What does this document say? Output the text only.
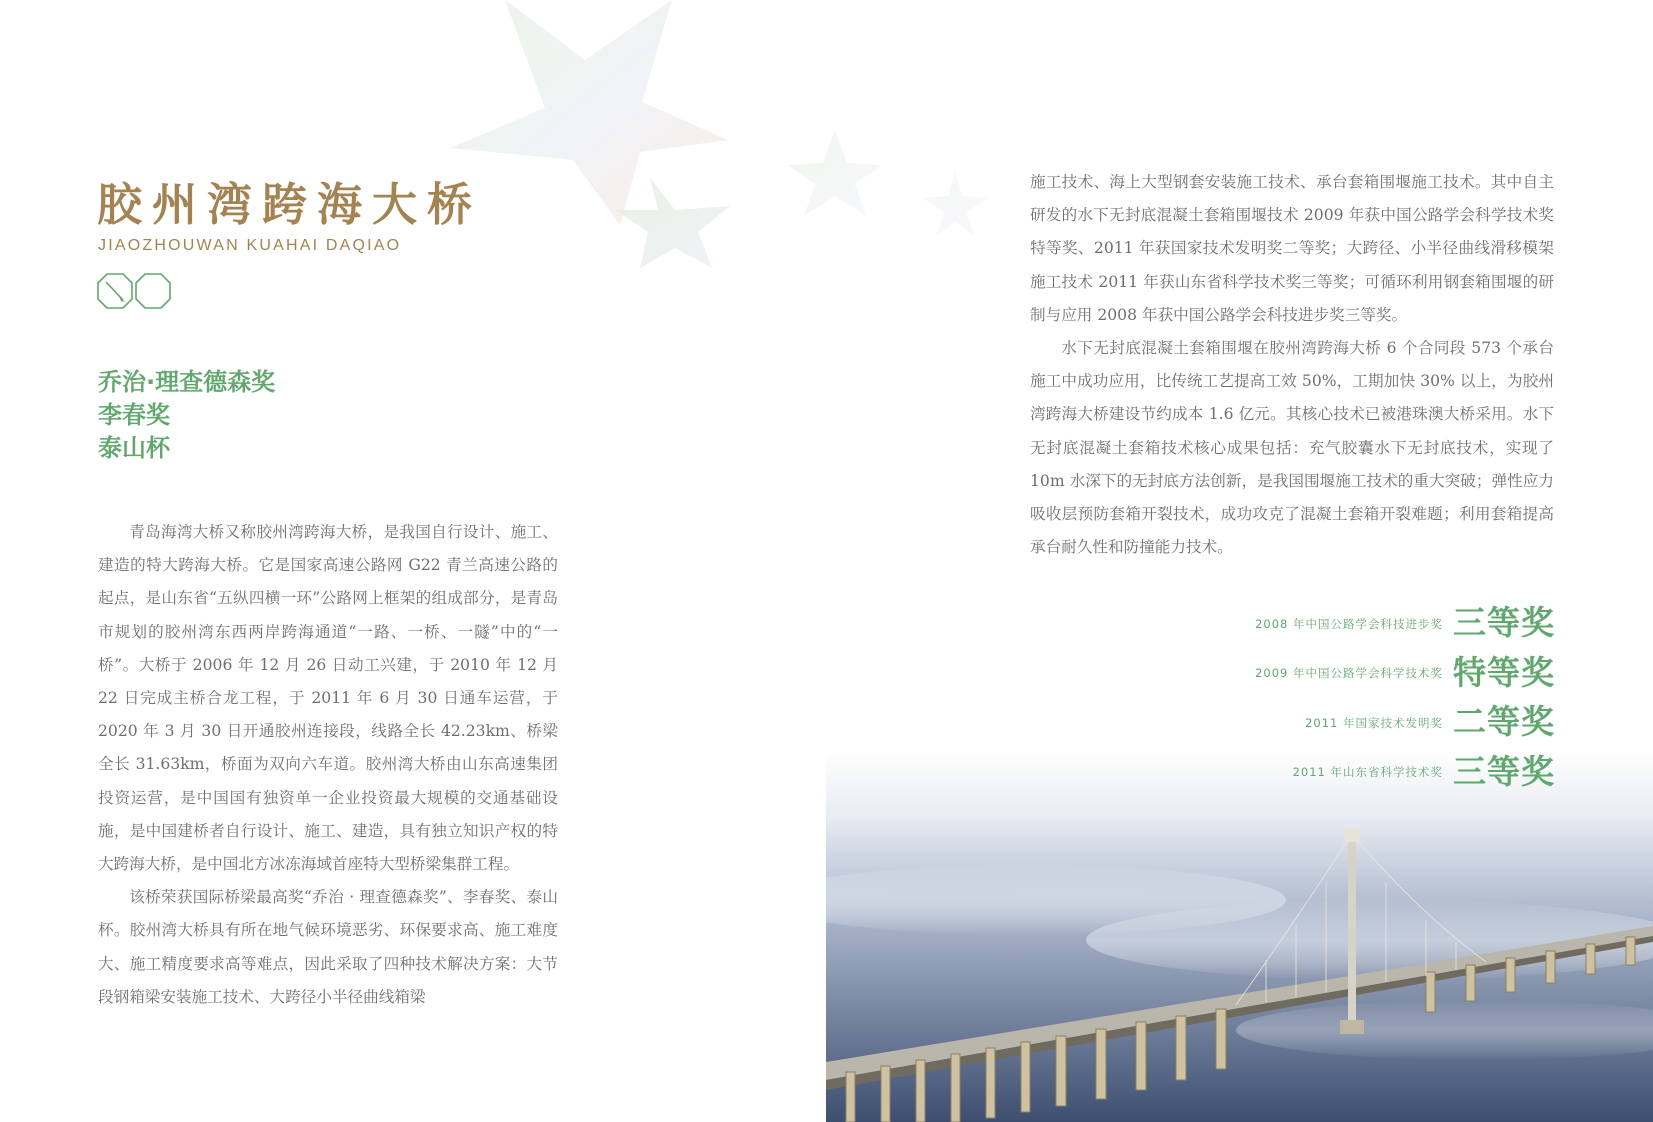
胶州湾跨海大桥
JIAOZHOUWAN KUAHAI DAQIAO
乔治·理查德森奖
李春奖
泰山杯

青岛海湾大桥又称胶州湾跨海大桥，是我国自行设计、施工、建造的特大跨海大桥。它是国家高速公路网 G22 青兰高速公路的起点，是山东省“五纵四横一环”公路网上框架的组成部分，是青岛市规划的胶州湾东西两岸跨海通道“一路、一桥、一隧”中的“一桥”。大桥于 2006 年 12 月 26 日动工兴建，于 2010 年 12 月 22 日完成主桥合龙工程，于 2011 年 6 月 30 日通车运营，于 2020 年 3 月 30 日开通胶州连接段，线路全长 42.23km、桥梁全长 31.63km，桥面为双向六车道。胶州湾大桥由山东高速集团投资运营，是中国国有独资单一企业投资最大规模的交通基础设施，是中国建桥者自行设计、施工、建造，具有独立知识产权的特大跨海大桥，是中国北方冰冻海域首座特大型桥梁集群工程。

该桥荣获国际桥梁最高奖“乔治 · 理查德森奖”、李春奖、泰山杯。胶州湾大桥具有所在地气候环境恶劣、环保要求高、施工难度大、施工精度要求高等难点，因此采取了四种技术解决方案：大节段钢箱梁安装施工技术、大跨径小半径曲线箱梁

施工技术、海上大型钢套安装施工技术、承台套箱围堰施工技术。其中自主研发的水下无封底混凝土套箱围堰技术 2009 年获中国公路学会科学技术奖特等奖、2011 年获国家技术发明奖二等奖；大跨径、小半径曲线滑移模架施工技术 2011 年获山东省科学技术奖三等奖；可循环利用钢套箱围堰的研制与应用 2008 年获中国公路学会科技进步奖三等奖。

水下无封底混凝土套箱围堰在胶州湾跨海大桥 6 个合同段 573 个承台施工中成功应用，比传统工艺提高工效 50%，工期加快 30% 以上，为胶州湾跨海大桥建设节约成本 1.6 亿元。其核心技术已被港珠澳大桥采用。水下无封底混凝土套箱技术核心成果包括：充气胶囊水下无封底技术，实现了 10m 水深下的无封底方法创新，是我国围堰施工技术的重大突破；弹性应力吸收层预防套箱开裂技术，成功攻克了混凝土套箱开裂难题；利用套箱提高承台耐久性和防撞能力技术。

2008 年中国公路学会科技进步奖 三等奖
2009 年中国公路学会科学技术奖 特等奖
2011 年国家技术发明奖 二等奖
2011 年山东省科学技术奖 三等奖
